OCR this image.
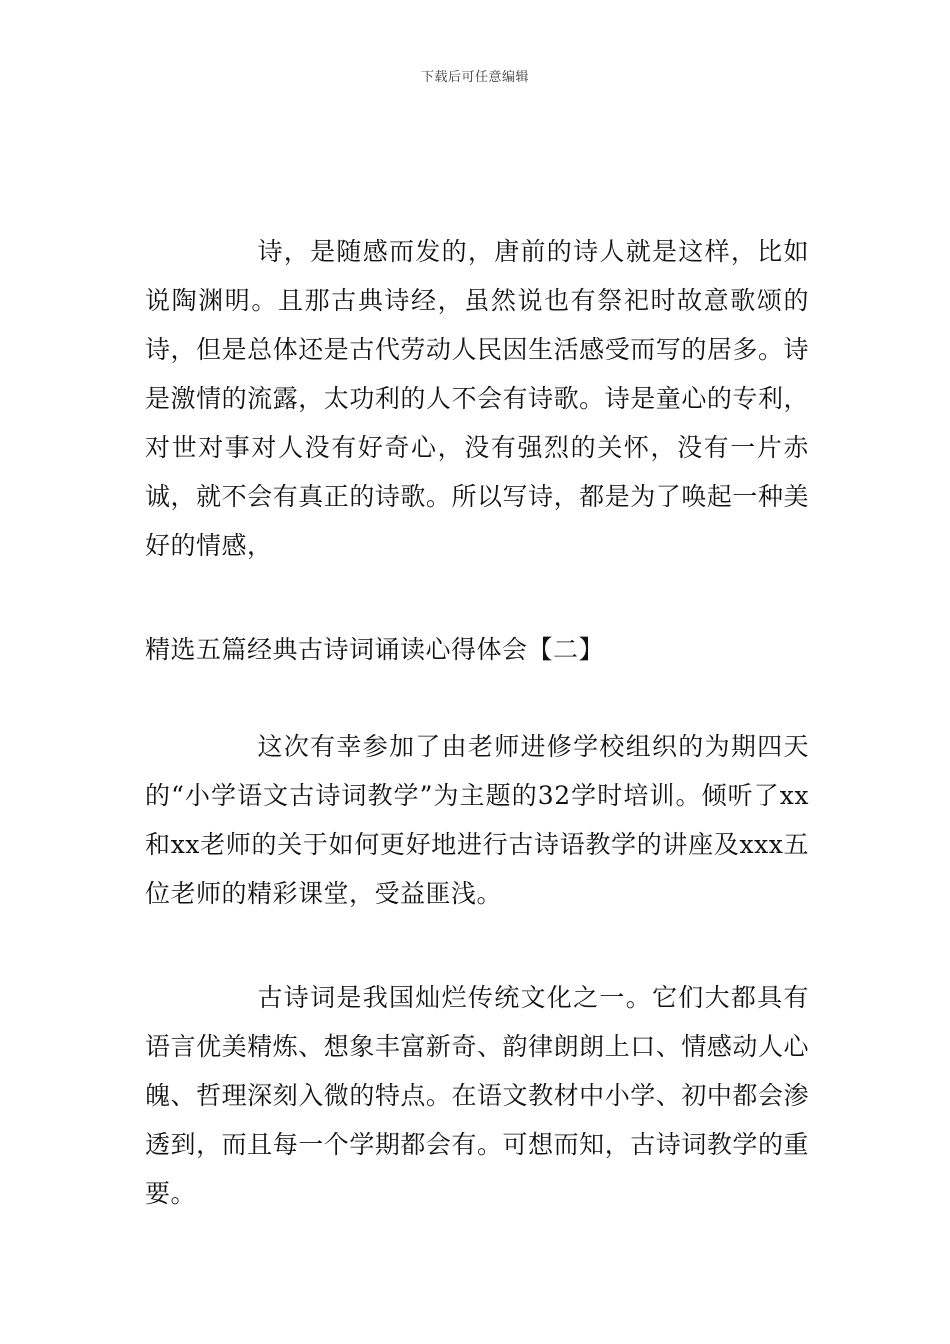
下载后可任意编辑

诗，是随感而发的，唐前的诗人就是这样，比如说陶渊明。且那古典诗经，虽然说也有祭祀时故意歌颂的诗，但是总体还是古代劳动人民因生活感受而写的居多。诗是激情的流露，太功利的人不会有诗歌。诗是童心的专利，对世对事对人没有好奇心，没有强烈的关怀，没有一片赤诚，就不会有真正的诗歌。所以写诗，都是为了唤起一种美好的情感，

精选五篇经典古诗词诵读心得体会【二】

这次有幸参加了由老师进修学校组织的为期四天的“小学语文古诗词教学”为主题的32学时培训。倾听了xx和xx老师的关于如何更好地进行古诗语教学的讲座及xxx五位老师的精彩课堂，受益匪浅。

古诗词是我国灿烂传统文化之一。它们大都具有语言优美精炼、想象丰富新奇、韵律朗朗上口、情感动人心魄、哲理深刻入微的特点。在语文教材中小学、初中都会渗透到，而且每一个学期都会有。可想而知，古诗词教学的重要。
